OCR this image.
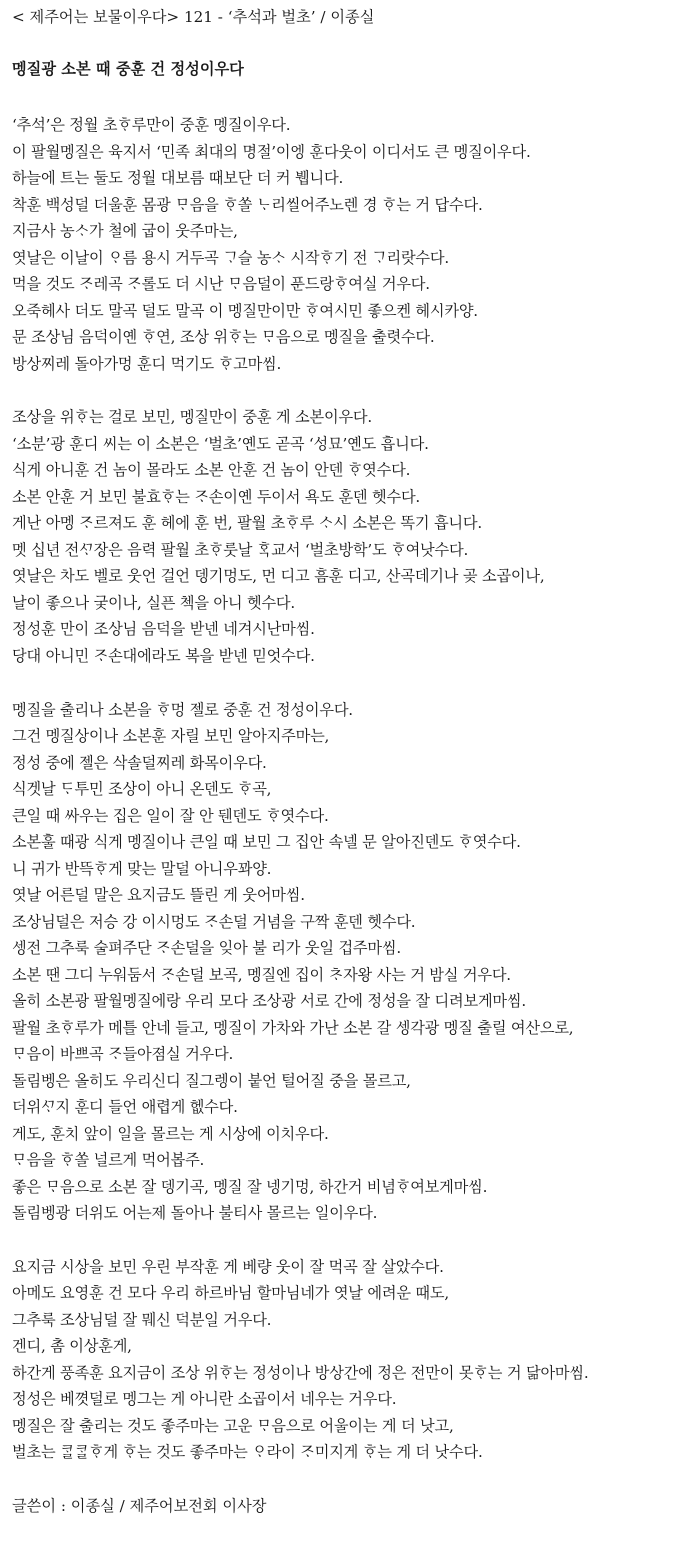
< 제주어는 보물이우다> 121 - ‘추석과 벌초’ / 이종실
멩질광 소본 때 중훈 건 정성이우다
‘추석’은 정월 초ᄒᆞ루만이 중훈 멩질이우다.
이 팔월멩질은 육지서 ‘민족 최대의 명절’이엥 훈다웃이 이디서도 큰 멩질이우다.
하늘에 트는 둘도 정월 대보름 때보단 더 커 뷉니다.
착훈 백성덜 더울훈 몸광 ᄆᆞ음을 ᄒᆞ쏠 ᄂᆞ리씰어주노렌 경 ᄒᆞ는 거 답수다.
지금사 농ᄉᆞ가 철에 굽이 웃주마는,
엿날은 이날이 ᄋᆞ름 용시 거두곡 ᄀᆞ슬 농ᄉᆞ 시작ᄒᆞ기 전 ᄀᆞ리랏수다.
먹을 것도 ᄌᆞ레곡 ᄌᆞ롤도 더 시난 ᄆᆞ음덜이 푼드랑ᄒᆞ여실 거우다.
오죽헤사 더도 말곡 덜도 말곡 이 멩질만이만 ᄒᆞ여시민 좋으켄 헤시카양.
문 조상님 음덕이옌 ᄒᆞ연, 조상 위ᄒᆞ는 ᄆᆞ음으로 멩질을 출렷수다.
방상찌레 돌아가멍 훈디 먹기도 ᄒᆞ고마씸.
조상을 위ᄒᆞ는 걸로 보민, 멩질만이 중훈 게 소본이우다.
‘소분’광 훈디 씨는 이 소본은 ‘벌초’옌도 곧곡 ‘성묘’옌도 흡니다.
식게 아니훈 건 놈이 몰라도 소본 안훈 건 놈이 안덴 ᄒᆞ엿수다.
소본 안훈 거 보민 불효ᄒᆞ는 ᄌᆞ손이옌 두이서 욕도 훈덴 헷수다.
게난 아멩 ᄌᆞ르져도 훈 헤에 훈 번, 팔월 초ᄒᆞ루 ᄉᆞ시 소본은 똑기 흡니다.
멧 십년 전ᄭᆞ장은 음력 팔월 초ᄒᆞ룻날 ᄒᆞᆨ교서 ‘벌초방학’도 ᄒᆞ여낫수다.
엿날은 차도 벨로 웃언 걸언 뎅기멍도, 먼 디고 흠훈 디고, 산곡데기나 곶 소곱이나,
날이 좋으나 궂이나, 실픈 첵을 아니 헷수다.
정성훈 만이 조상님 음덕을 받넨 네겨시난마씸.
당대 아니민 ᄌᆞ손대에라도 복을 받넨 믿엇수다.
멩질을 출리나 소본을 ᄒᆞ멍 젤로 중훈 건 정성이우다.
그건 멩질상이나 소본훈 자릴 보민 알아지주마는,
정성 중에 젤은 삭솔덜찌레 화목이우다.
식겟날 ᄃᆞ투민 조상이 아니 온덴도 ᄒᆞ곡,
큰일 때 싸우는 집은 일이 잘 안 뒌덴도 ᄒᆞ엿수다.
소본훌 때광 식게 멩질이나 큰일 때 보민 그 집안 속넬 문 알아진덴도 ᄒᆞ엿수다.
니 귀가 반뜩ᄒᆞ게 맞는 말덜 아니우꽈양.
엿날 어른덜 말은 요지금도 뜰린 게 웃어마씸.
조상님덜은 저승 강 이시멍도 ᄌᆞ손덜 거념을 구짝 훈덴 헷수다.
셍전 그추룩 술펴주단 ᄌᆞ손덜을 잊아 불 리가 웃일 겁주마씸.
소본 땐 그디 누워둠서 ᄌᆞ손덜 보곡, 멩질엔 집이 ᄎᆞ자왕 사는 거 밤실 거우다.
올히 소본광 팔월멩질에랑 우리 모다 조상광 서로 간에 정성을 잘 디려보게마씸.
팔월 초ᄒᆞ루가 메틀 안네 들고, 멩질이 가차와 가난 소본 갈 셍각광 멩질 출릴 여산으로,
ᄆᆞ음이 바쁘곡 ᄌᆞ들아졈실 거우다.
돌림벵은 올히도 우리신디 질그렝이 붙언 털어질 중을 몰르고,
더위ᄭᆞ지 훈디 들언 애렵게 헶수다.
게도, 훈치 앞이 일을 몰르는 게 시상에 이치우다.
ᄆᆞ음을 ᄒᆞ쏠 널르게 먹어봅주.
좋은 ᄆᆞ음으로 소본 잘 뎅기곡, 멩질 잘 넹기멍, 하간거 비념ᄒᆞ여보게마씸.
돌림벵광 더위도 어는제 돌아나 불티사 몰르는 일이우다.
요지금 시상을 보민 우린 부작훈 게 베량 웃이 잘 먹곡 잘 살았수다.
아메도 요영훈 건 모다 우리 하르바님 할마님네가 엿날 에려운 때도,
그추룩 조상님덜 잘 뭬신 덕분일 거우다.
겐디, 촘 이상훈게,
하간게 풍족훈 요지금이 조상 위ᄒᆞ는 정성이나 방상간에 정은 전만이 못ᄒᆞ는 거 닮아마씸.
정성은 베꼇덜로 멩그는 게 아니란 소곱이서 네우는 거우다.
멩질은 잘 출리는 것도 좋주마는 고운 ᄆᆞ음으로 어울이는 게 더 낫고,
벌초는 ᄏᆞᆯᄏᆞᆯᄒᆞ게 ᄒᆞ는 것도 좋주마는 ᄋᆞ라이 ᄌᆞ미지게 ᄒᆞ는 게 더 낫수다.
글쓴이 : 이종실 / 제주어보전회 이사장
